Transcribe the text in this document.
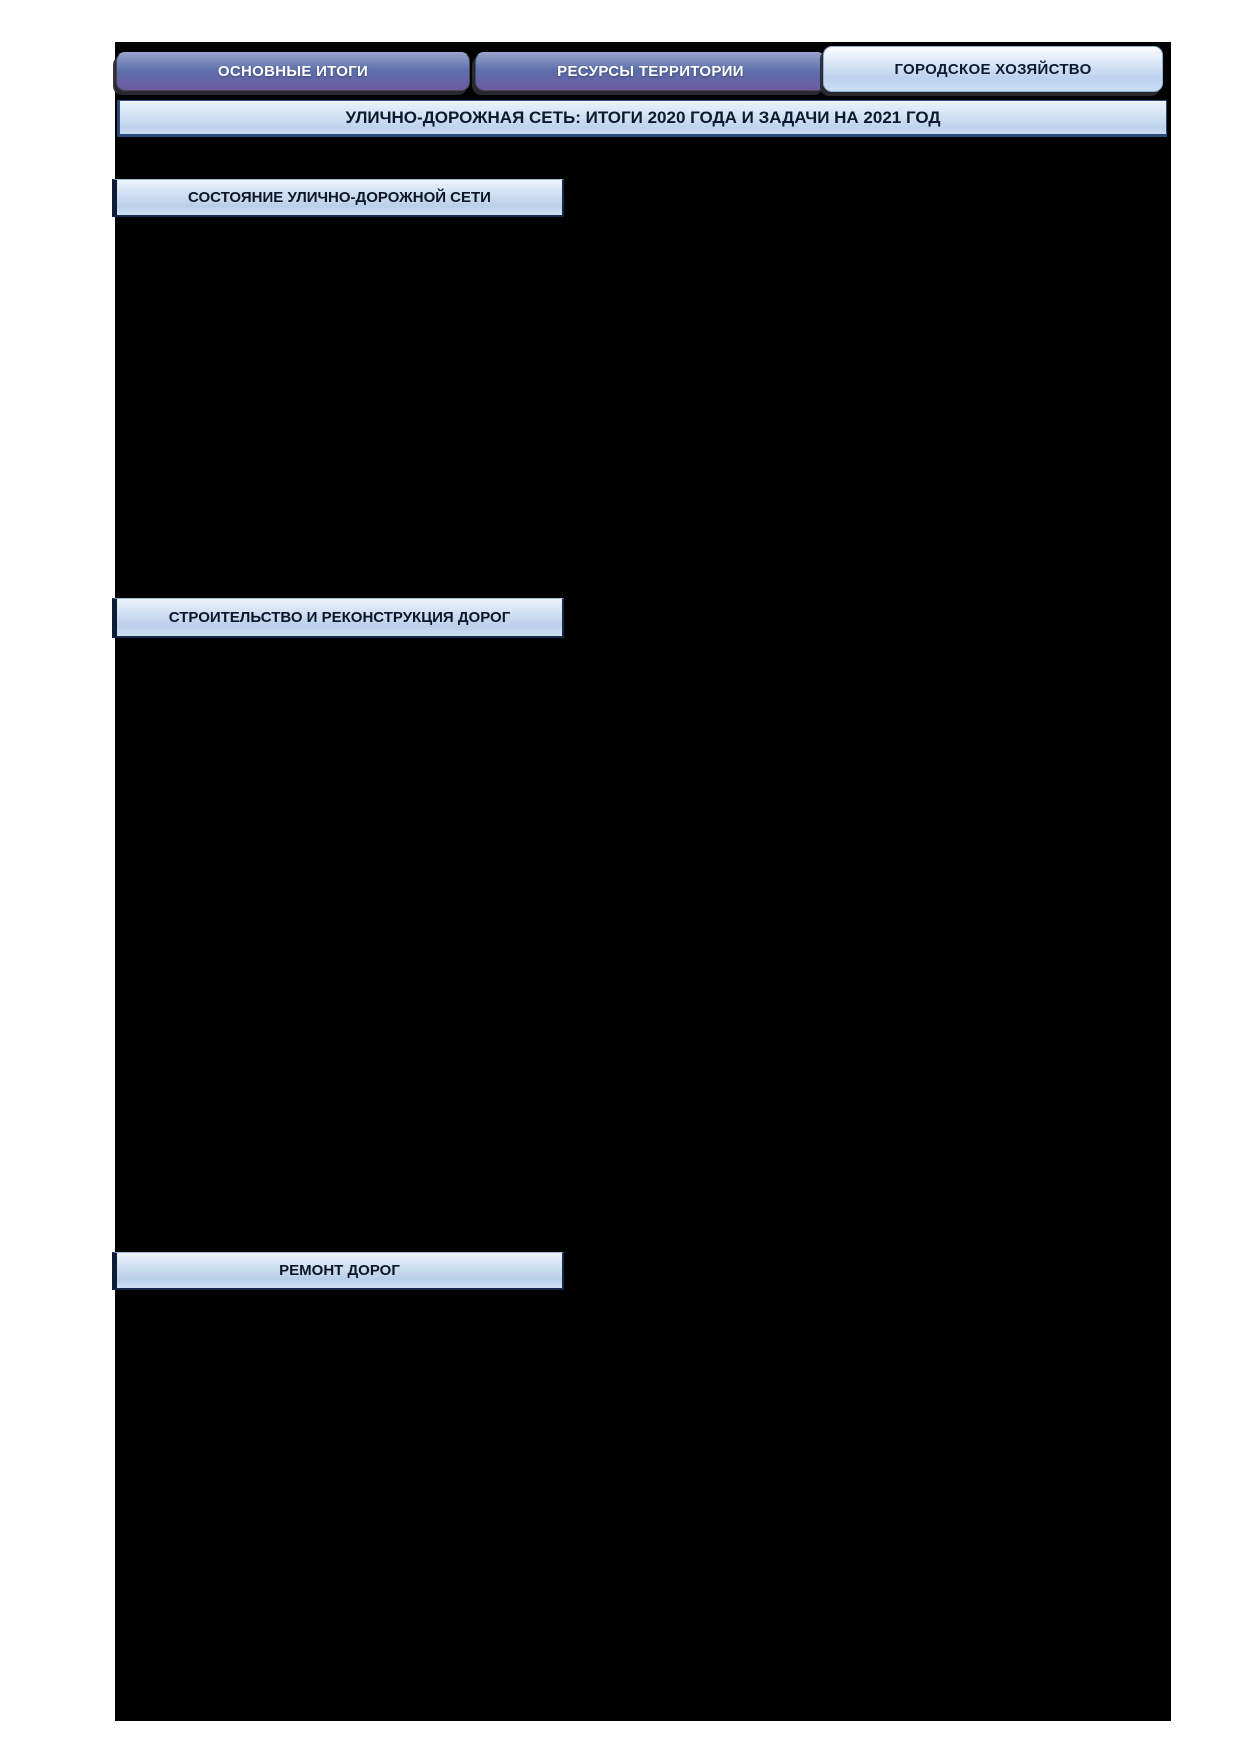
ОСНОВНЫЕ ИТОГИ	РЕСУРСЫ ТЕРРИТОРИИ	ГОРОДСКОЕ ХОЗЯЙСТВО
УЛИЧНО-ДОРОЖНАЯ СЕТЬ: ИТОГИ 2020 ГОДА И ЗАДАЧИ НА 2021 ГОД
СОСТОЯНИЕ УЛИЧНО-ДОРОЖНОЙ СЕТИ
СТРОИТЕЛЬСТВО И РЕКОНСТРУКЦИЯ ДОРОГ
РЕМОНТ ДОРОГ
